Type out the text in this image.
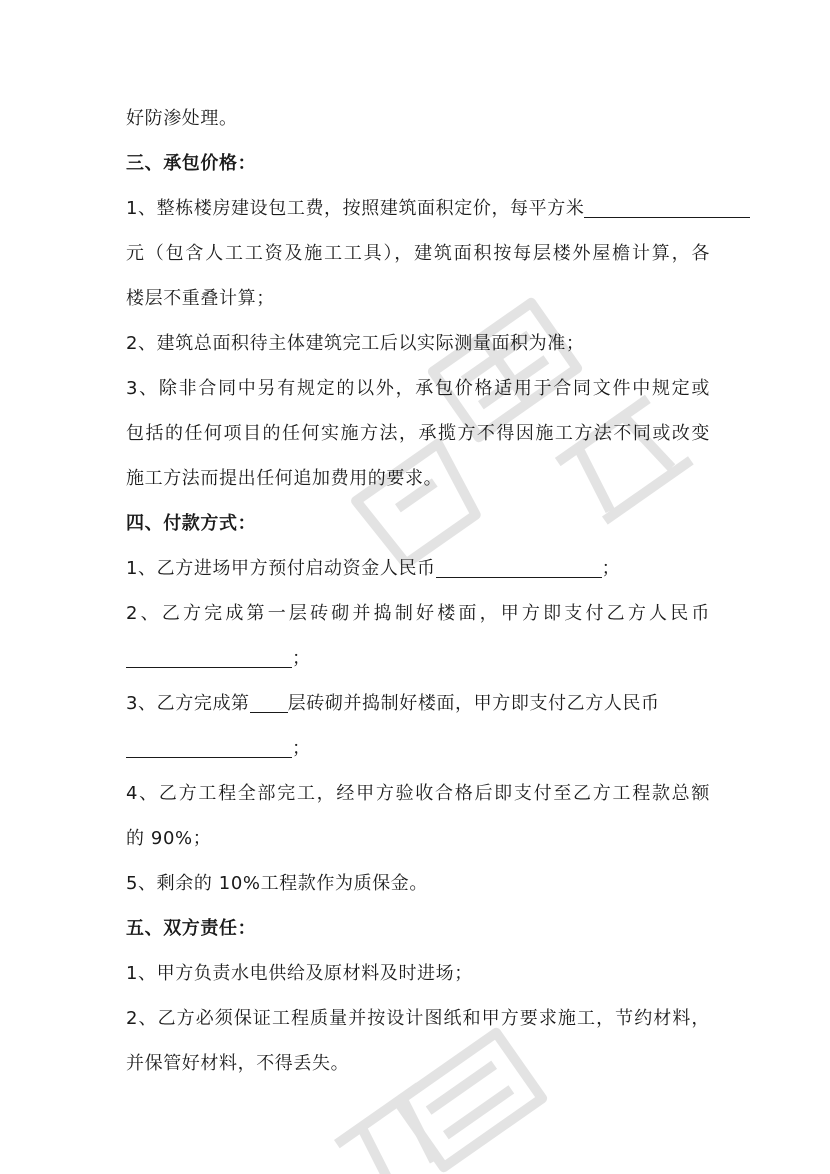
好防渗处理。
三、承包价格：
1、整栋楼房建设包工费，按照建筑面积定价，每平方米
元（包含人工工资及施工工具），建筑面积按每层楼外屋檐计算，各
楼层不重叠计算；
2、建筑总面积待主体建筑完工后以实际测量面积为准；
3、除非合同中另有规定的以外，承包价格适用于合同文件中规定或
包括的任何项目的任何实施方法，承揽方不得因施工方法不同或改变
施工方法而提出任何追加费用的要求。
四、付款方式：
1、乙方进场甲方预付启动资金人民币	；
2、乙方完成第一层砖砌并捣制好楼面，甲方即支付乙方人民币
；
3、乙方完成第 层砖砌并捣制好楼面，甲方即支付乙方人民币
；
4、乙方工程全部完工，经甲方验收合格后即支付至乙方工程款总额
的 90%；
5、剩余的 10%工程款作为质保金。
五、双方责任：
1、甲方负责水电供给及原材料及时进场；
2、乙方必须保证工程质量并按设计图纸和甲方要求施工，节约材料，
并保管好材料，不得丢失。
